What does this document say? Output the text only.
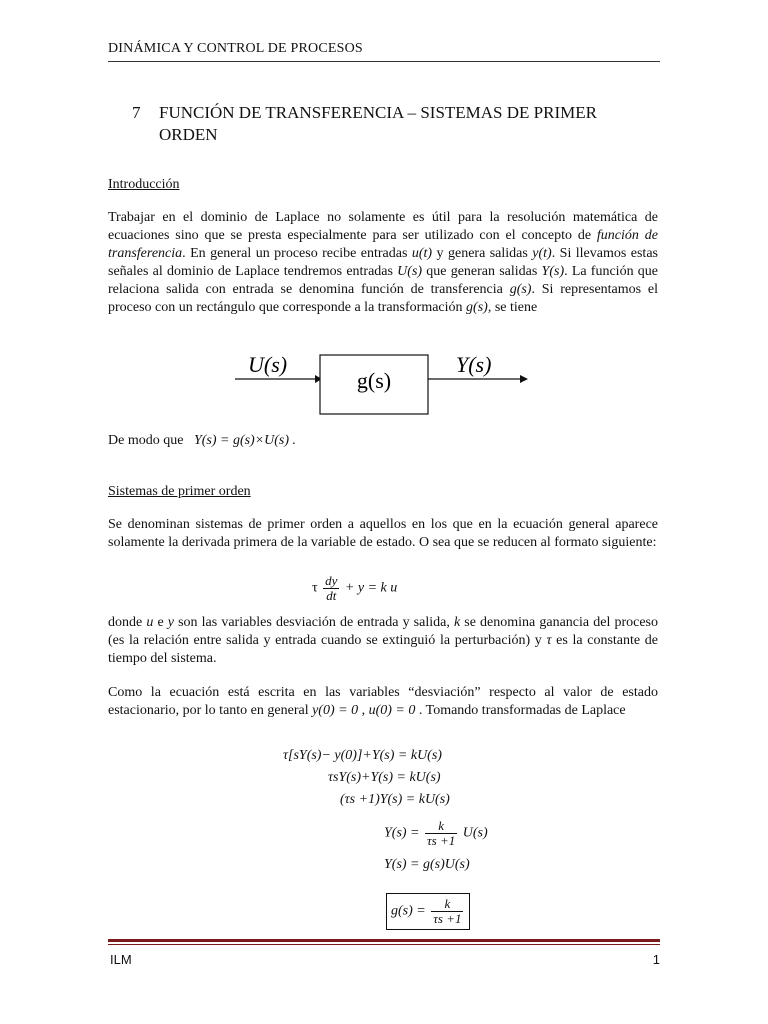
DINÁMICA Y CONTROL DE PROCESOS
7 FUNCIÓN DE TRANSFERENCIA – SISTEMAS DE PRIMER ORDEN
Introducción

Trabajar en el dominio de Laplace no solamente es útil para la resolución matemática de ecuaciones sino que se presta especialmente para ser utilizado con el concepto de función de transferencia. En general un proceso recibe entradas u(t) y genera salidas y(t). Si llevamos estas señales al dominio de Laplace tendremos entradas U(s) que generan salidas Y(s). La función que relaciona salida con entrada se denomina función de transferencia g(s). Si representamos el proceso con un rectángulo que corresponde a la transformación g(s), se tiene

U(s)
g(s)
Y(s)
De modo que Y(s) = g(s)×U(s) .
Sistemas de primer orden

Se denominan sistemas de primer orden a aquellos en los que en la ecuación general aparece solamente la derivada primera de la variable de estado. O sea que se reducen al formato siguiente:

τ $\frac{dy}{dt} + y = k$ u

donde u e y son las variables desviación de entrada y salida, k se denomina ganancia del proceso (es la relación entre salida y entrada cuando se extinguió la perturbación) y τ es la constante de tiempo del sistema.

Como la ecuación está escrita en las variables “desviación” respecto al valor de estado estacionario, por lo tanto en general y(0) = 0 , u(0) = 0 . Tomando transformadas de Laplace

τ[sY(s)− y(0)]+Y(s) = kU(s)
τsY(s)+Y(s) = kU(s)
(τs +1)Y(s) = kU(s)
$Y(s) = \frac{k}{\tau s +1} U(s)$
Y(s) = g(s)U(s)
$g(s) = \frac{k}{\tau s +1}$
ILM	1
